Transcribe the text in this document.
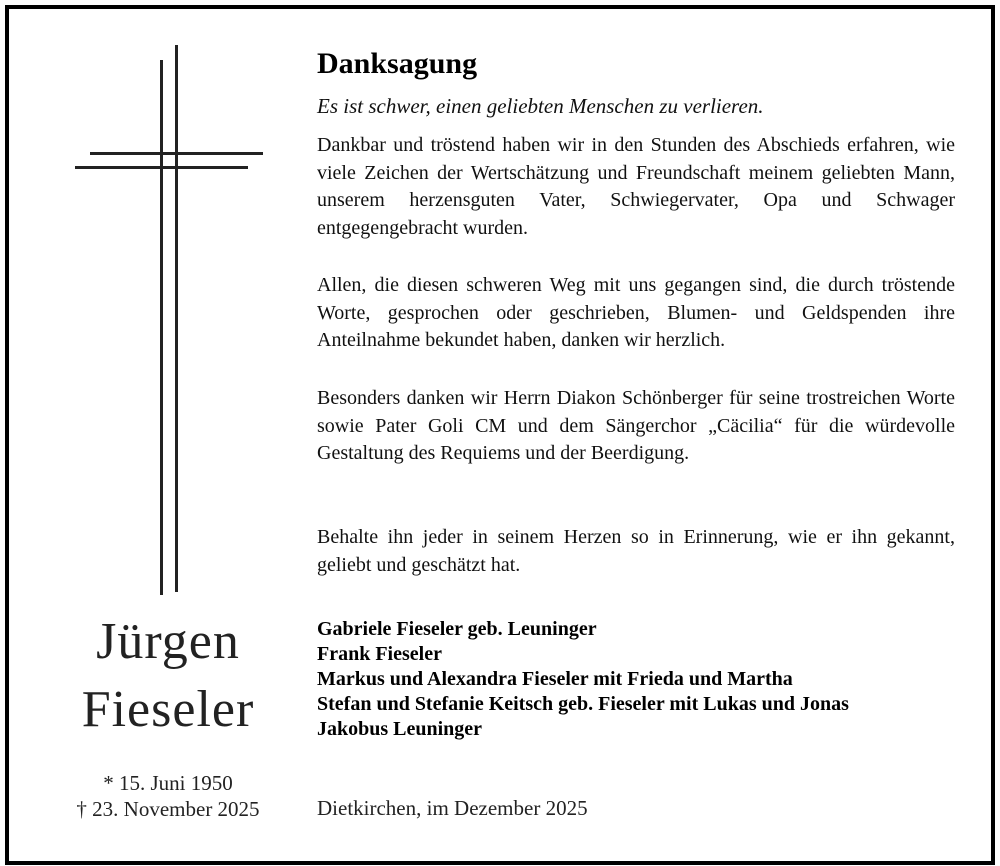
Jürgen
Fieseler
* 15. Juni 1950
† 23. November 2025
Danksagung
Es ist schwer, einen geliebten Menschen zu verlieren.
Dankbar und tröstend haben wir in den Stunden des Abschieds erfahren, wie viele Zeichen der Wertschätzung und Freundschaft meinem geliebten Mann, unserem herzensguten Vater, Schwiegervater, Opa und Schwager entgegengebracht wurden.
Allen, die diesen schweren Weg mit uns gegangen sind, die durch tröstende Worte, gesprochen oder geschrieben, Blumen- und Geldspenden ihre Anteilnahme bekundet haben, danken wir herzlich.
Besonders danken wir Herrn Diakon Schönberger für seine trostreichen Worte sowie Pater Goli CM und dem Sängerchor „Cäcilia“ für die würdevolle Gestaltung des Requiems und der Beerdigung.
Behalte ihn jeder in seinem Herzen so in Erinnerung, wie er ihn gekannt, geliebt und geschätzt hat.
Gabriele Fieseler geb. Leuninger
Frank Fieseler
Markus und Alexandra Fieseler mit Frieda und Martha
Stefan und Stefanie Keitsch geb. Fieseler mit Lukas und Jonas
Jakobus Leuninger
Dietkirchen, im Dezember 2025
